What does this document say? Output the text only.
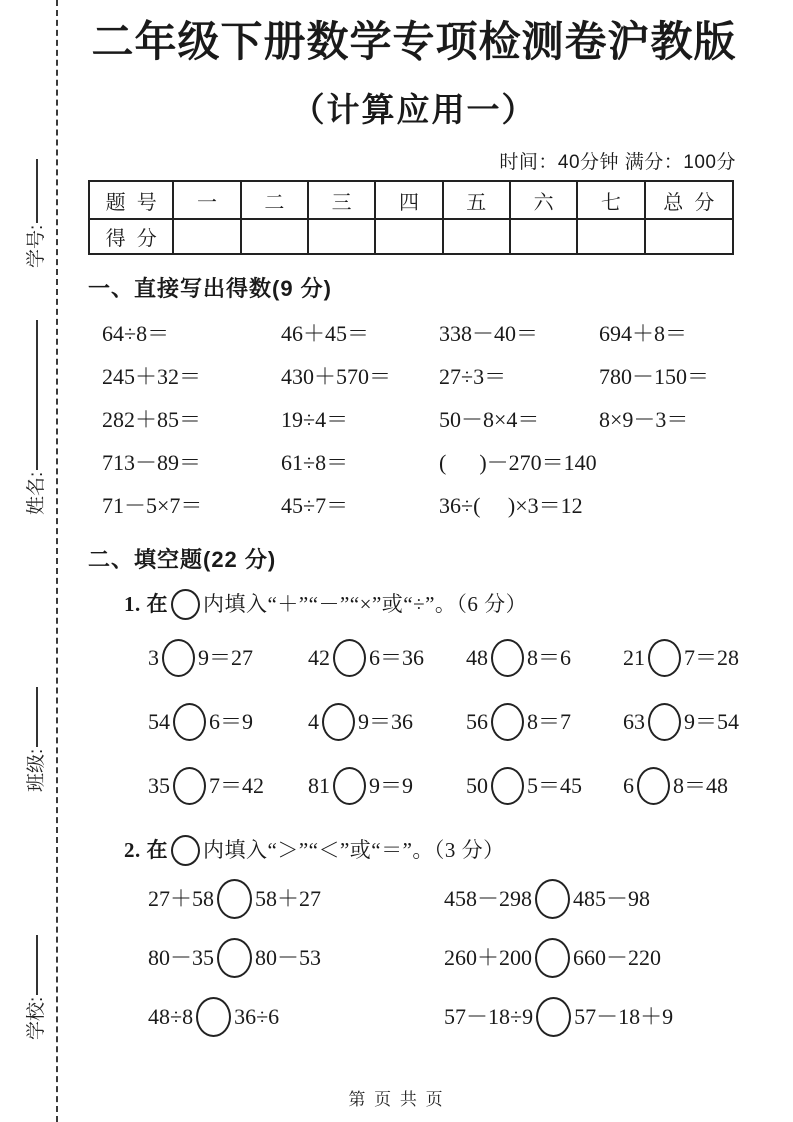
学号:
姓名:
班级:
学校:
二年级下册数学专项检测卷沪教版
（计算应用一）
时间：40分钟 满分：100分
题  号	一	二	三	四	五	六	七	总  分
得  分								
一、直接写出得数(9 分)
64÷8＝	46＋45＝	338－40＝	694＋8＝
245＋32＝	430＋570＝	27÷3＝	780－150＝
282＋85＝	19÷4＝	50－8×4＝	8×9－3＝
713－89＝	61÷8＝	(      )－270＝140
71－5×7＝	45÷7＝	36÷(     )×3＝12
二、填空题(22 分)
1. 在 内填入“＋”“－”“×”或“÷”。（6 分）
3 9＝27	42 6＝36	48 8＝6	21 7＝28
54 6＝9	4 9＝36	56 8＝7	63 9＝54
35 7＝42	81 9＝9	50 5＝45	6 8＝48
2. 在 内填入“＞”“＜”或“＝”。（3 分）
27＋58 58＋27	458－298 485－98
80－35 80－53	260＋200 660－220
48÷8 36÷6	57－18÷9 57－18＋9
第 页 共 页
